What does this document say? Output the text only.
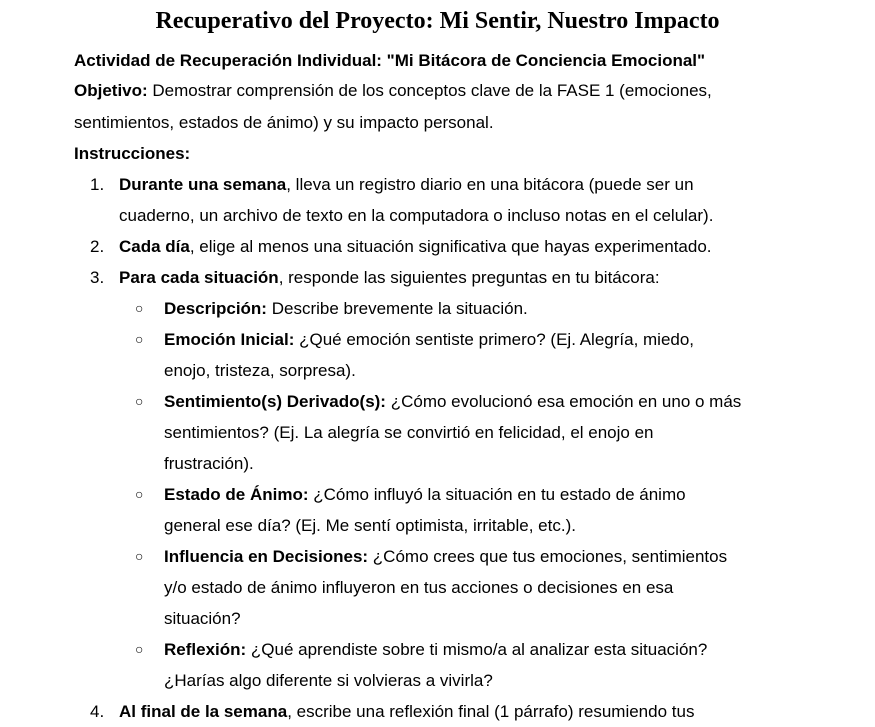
Recuperativo del Proyecto: Mi Sentir, Nuestro Impacto
Actividad de Recuperación Individual: "Mi Bitácora de Conciencia Emocional"
Objetivo: Demostrar comprensión de los conceptos clave de la FASE 1 (emociones,
sentimientos, estados de ánimo) y su impacto personal.
Instrucciones:
1. Durante una semana, lleva un registro diario en una bitácora (puede ser un
cuaderno, un archivo de texto en la computadora o incluso notas en el celular).
2. Cada día, elige al menos una situación significativa que hayas experimentado.
3. Para cada situación, responde las siguientes preguntas en tu bitácora:
○ Descripción: Describe brevemente la situación.
○ Emoción Inicial: ¿Qué emoción sentiste primero? (Ej. Alegría, miedo,
enojo, tristeza, sorpresa).
○ Sentimiento(s) Derivado(s): ¿Cómo evolucionó esa emoción en uno o más
sentimientos? (Ej. La alegría se convirtió en felicidad, el enojo en
frustración).
○ Estado de Ánimo: ¿Cómo influyó la situación en tu estado de ánimo
general ese día? (Ej. Me sentí optimista, irritable, etc.).
○ Influencia en Decisiones: ¿Cómo crees que tus emociones, sentimientos
y/o estado de ánimo influyeron en tus acciones o decisiones en esa
situación?
○ Reflexión: ¿Qué aprendiste sobre ti mismo/a al analizar esta situación?
¿Harías algo diferente si volvieras a vivirla?
4. Al final de la semana, escribe una reflexión final (1 párrafo) resumiendo tus
